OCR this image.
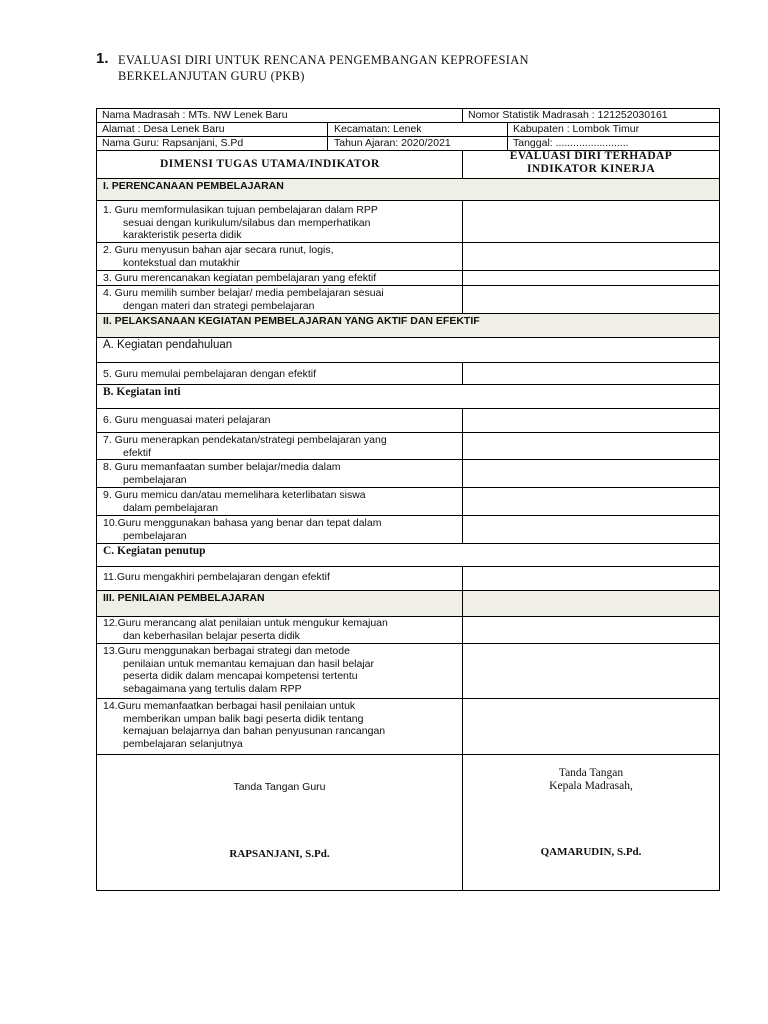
1. EVALUASI DIRI UNTUK RENCANA PENGEMBANGAN KEPROFESIAN
BERKELANJUTAN GURU (PKB)
Nama Madrasah : MTs. NW Lenek Baru	Nomor Statistik Madrasah : 121252030161
Alamat : Desa Lenek Baru	Kecamatan: Lenek	Kabupaten : Lombok Timur
Nama Guru: Rapsanjani, S.Pd	Tahun Ajaran: 2020/2021	Tanggal: .........................
DIMENSI TUGAS UTAMA/INDIKATOR
EVALUASI DIRI TERHADAP
INDIKATOR KINERJA
I. PERENCANAAN PEMBELAJARAN
1. Guru memformulasikan tujuan pembelajaran dalam RPP
sesuai dengan kurikulum/silabus dan memperhatikan
karakteristik peserta didik
2. Guru menyusun bahan ajar secara runut, logis,
kontekstual dan mutakhir
3. Guru merencanakan kegiatan pembelajaran yang efektif
4. Guru memilih sumber belajar/ media pembelajaran sesuai
dengan materi dan strategi pembelajaran
II. PELAKSANAAN KEGIATAN PEMBELAJARAN YANG AKTIF DAN EFEKTIF
A. Kegiatan pendahuluan
5. Guru memulai pembelajaran dengan efektif
B. Kegiatan inti
6. Guru menguasai materi pelajaran
7. Guru menerapkan pendekatan/strategi pembelajaran yang
efektif
8. Guru memanfaatan sumber belajar/media dalam
pembelajaran
9. Guru memicu dan/atau memelihara keterlibatan siswa
dalam pembelajaran
10.Guru menggunakan bahasa yang benar dan tepat dalam
pembelajaran
C. Kegiatan penutup
11.Guru mengakhiri pembelajaran dengan efektif
III. PENILAIAN PEMBELAJARAN
12.Guru merancang alat penilaian untuk mengukur kemajuan
dan keberhasilan belajar peserta didik
13.Guru menggunakan berbagai strategi dan metode
penilaian untuk memantau kemajuan dan hasil belajar
peserta didik dalam mencapai kompetensi tertentu
sebagaimana yang tertulis dalam RPP
14.Guru memanfaatkan berbagai hasil penilaian untuk
memberikan umpan balik bagi peserta didik tentang
kemajuan belajarnya dan bahan penyusunan rancangan
pembelajaran selanjutnya
Tanda Tangan Guru
RAPSANJANI, S.Pd.
Tanda Tangan
Kepala Madrasah,
QAMARUDIN, S.Pd.
